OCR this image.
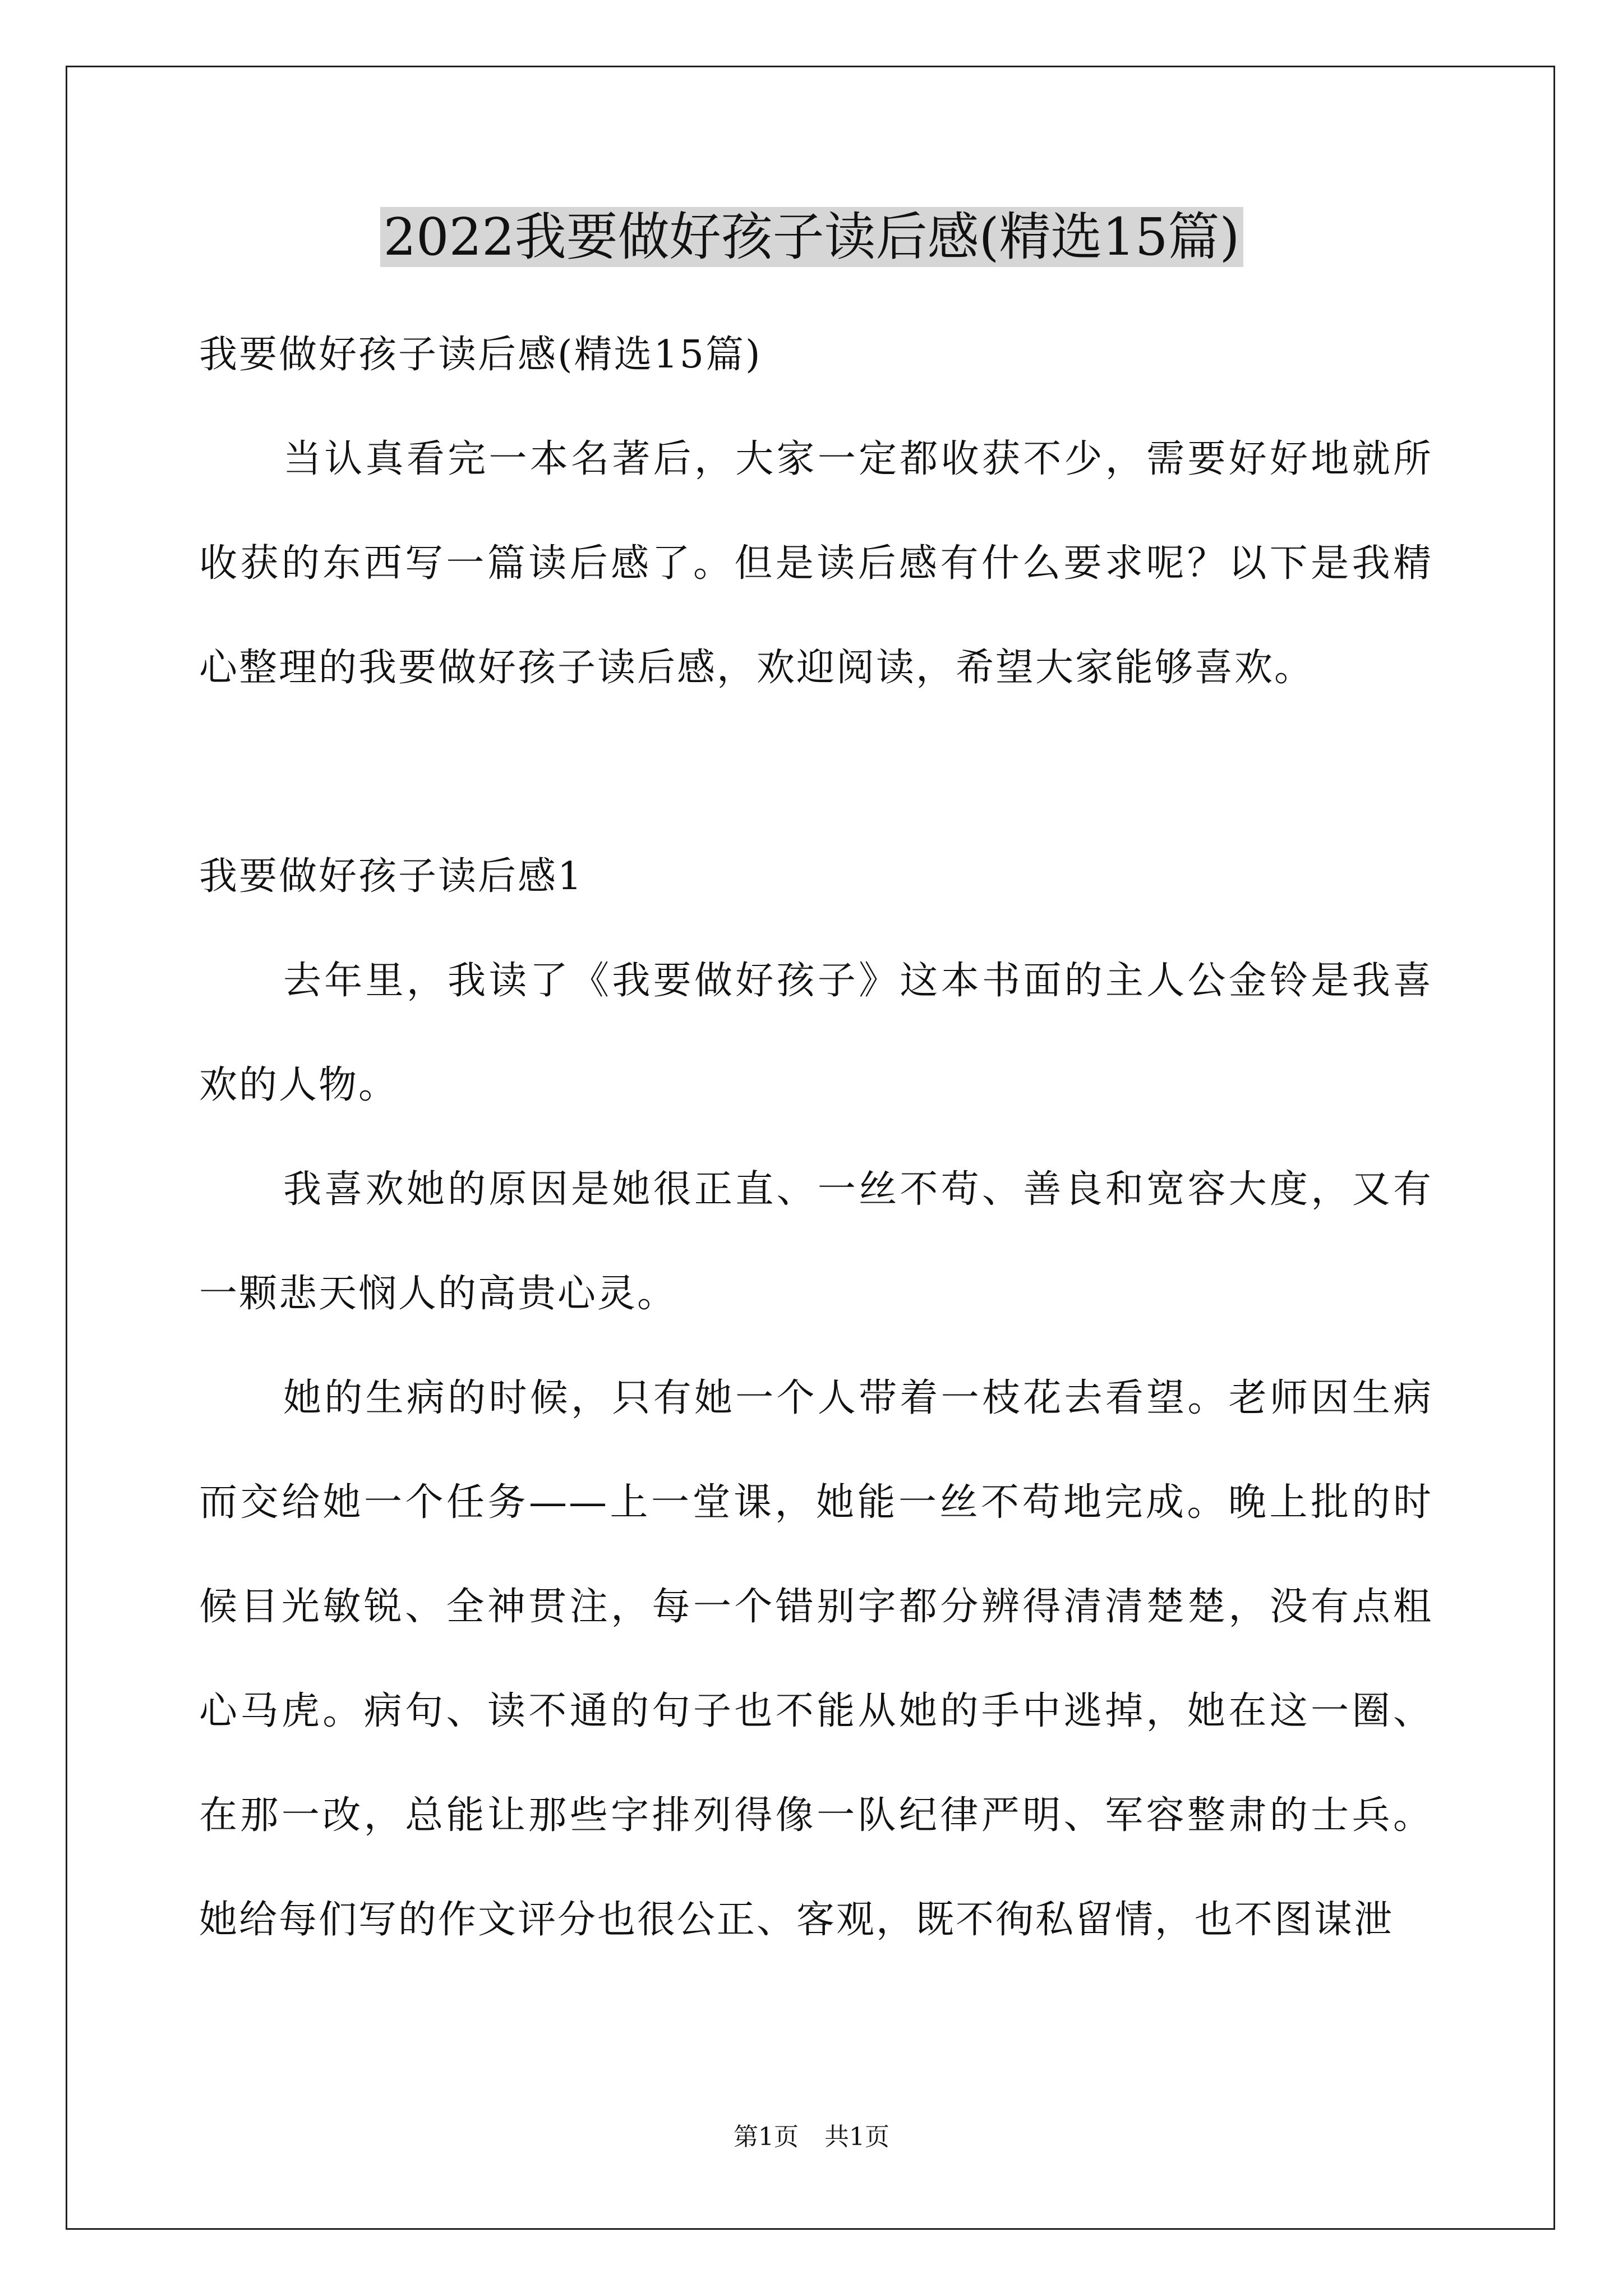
2022我要做好孩子读后感(精选15篇)

我要做好孩子读后感(精选15篇)

当认真看完一本名著后，大家一定都收获不少，需要好好地就所收获的东西写一篇读后感了。但是读后感有什么要求呢？以下是我精心整理的我要做好孩子读后感，欢迎阅读，希望大家能够喜欢。

我要做好孩子读后感1

去年里，我读了《我要做好孩子》这本书面的主人公金铃是我喜欢的人物。

我喜欢她的原因是她很正直、一丝不苟、善良和宽容大度，又有一颗悲天悯人的高贵心灵。

她的生病的时候，只有她一个人带着一枝花去看望。老师因生病而交给她一个任务——上一堂课，她能一丝不苟地完成。晚上批的时候目光敏锐、全神贯注，每一个错别字都分辨得清清楚楚，没有点粗心马虎。病句、读不通的句子也不能从她的手中逃掉，她在这一圈、在那一改，总能让那些字排列得像一队纪律严明、军容整肃的士兵。她给每们写的作文评分也很公正、客观，既不徇私留情，也不图谋泄

第1页 共1页
